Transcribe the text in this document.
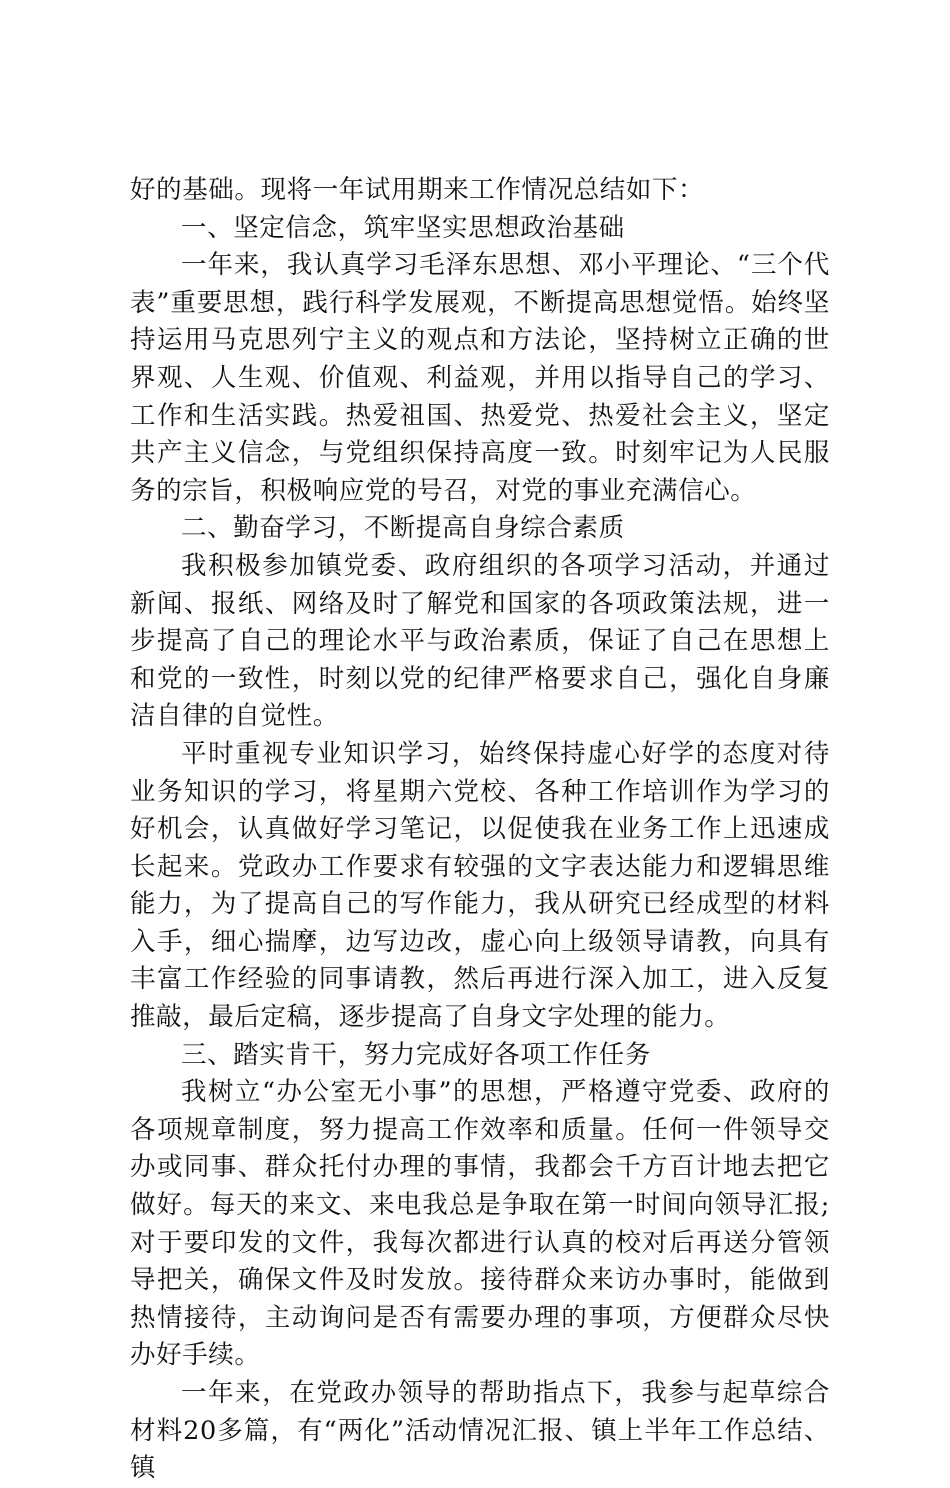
好的基础。现将一年试用期来工作情况总结如下：

一、坚定信念，筑牢坚实思想政治基础

一年来，我认真学习毛泽东思想、邓小平理论、“三个代表”重要思想，践行科学发展观，不断提高思想觉悟。始终坚持运用马克思列宁主义的观点和方法论，坚持树立正确的世界观、人生观、价值观、利益观，并用以指导自己的学习、工作和生活实践。热爱祖国、热爱党、热爱社会主义，坚定共产主义信念，与党组织保持高度一致。时刻牢记为人民服务的宗旨，积极响应党的号召，对党的事业充满信心。

二、勤奋学习，不断提高自身综合素质

我积极参加镇党委、政府组织的各项学习活动，并通过新闻、报纸、网络及时了解党和国家的各项政策法规，进一步提高了自己的理论水平与政治素质，保证了自己在思想上和党的一致性，时刻以党的纪律严格要求自己，强化自身廉洁自律的自觉性。

平时重视专业知识学习，始终保持虚心好学的态度对待业务知识的学习，将星期六党校、各种工作培训作为学习的好机会，认真做好学习笔记，以促使我在业务工作上迅速成长起来。党政办工作要求有较强的文字表达能力和逻辑思维能力，为了提高自己的写作能力，我从研究已经成型的材料入手，细心揣摩，边写边改，虚心向上级领导请教，向具有丰富工作经验的同事请教，然后再进行深入加工，进入反复推敲，最后定稿，逐步提高了自身文字处理的能力。

三、踏实肯干，努力完成好各项工作任务

我树立“办公室无小事”的思想，严格遵守党委、政府的各项规章制度，努力提高工作效率和质量。任何一件领导交办或同事、群众托付办理的事情，我都会千方百计地去把它做好。每天的来文、来电我总是争取在第一时间向领导汇报;对于要印发的文件，我每次都进行认真的校对后再送分管领导把关，确保文件及时发放。接待群众来访办事时，能做到热情接待，主动询问是否有需要办理的事项，方便群众尽快办好手续。

一年来，在党政办领导的帮助指点下，我参与起草综合材料20多篇，有“两化”活动情况汇报、镇上半年工作总结、镇
